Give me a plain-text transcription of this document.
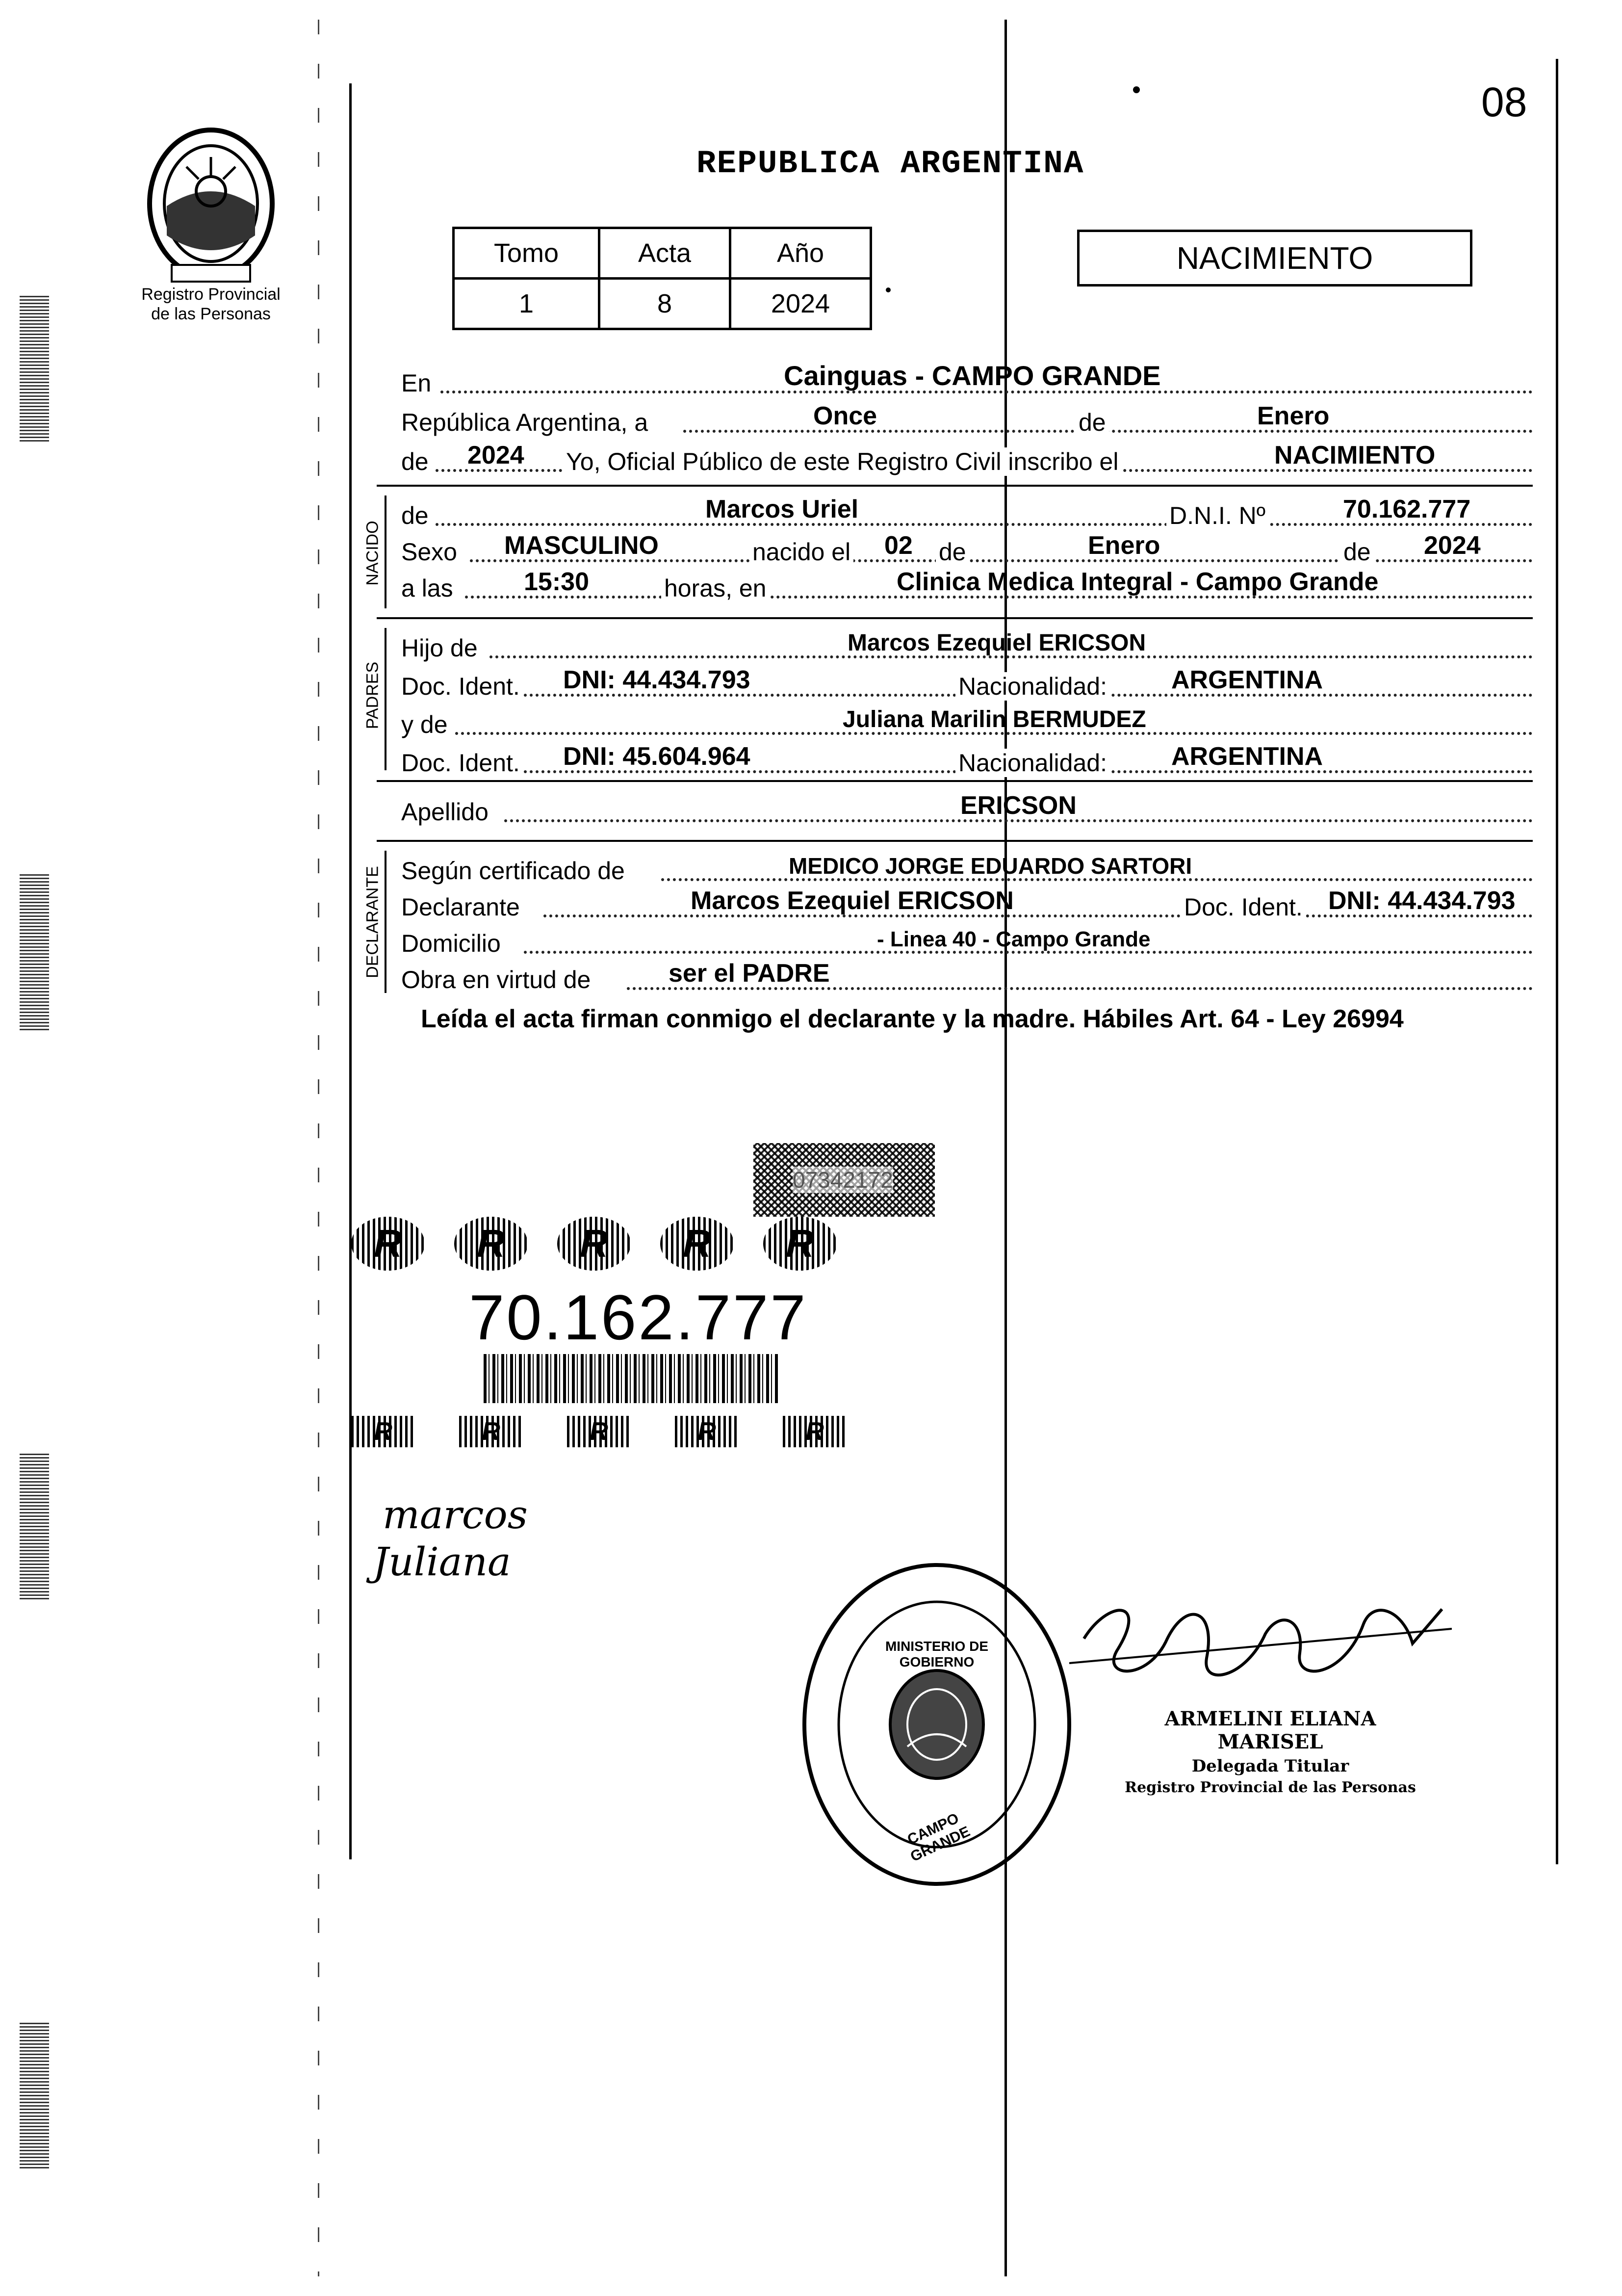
Registro Provincial
de las Personas
08
REPUBLICA ARGENTINA
Tomo	Acta	Año
1	8	2024
NACIMIENTO
En	Cainguas - CAMPO GRANDE
República Argentina, a	Once	de	Enero
de 2024 Yo, Oficial Público de este Registro Civil inscribo el	NACIMIENTO
NACIDO
de	Marcos Uriel	D.N.I. Nº	70.162.777
Sexo MASCULINO	nacido el 02 de	Enero	de 2024
a las	15:30	horas, en	Clinica Medica Integral - Campo Grande
PADRES
Hijo de	Marcos Ezequiel ERICSON
Doc. Ident. DNI: 44.434.793	Nacionalidad:	ARGENTINA
y de	Juliana Marilin BERMUDEZ
Doc. Ident. DNI: 45.604.964	Nacionalidad:	ARGENTINA
Apellido	ERICSON
DECLARANTE Según certificado de	MEDICO JORGE EDUARDO SARTORI
Declarante	Marcos Ezequiel ERICSON	Doc. Ident. DNI: 44.434.793
Domicilio	- Linea 40 - Campo Grande
Obra en virtud de	ser el PADRE
Leída el acta firman conmigo el declarante y la madre. Hábiles Art. 64 - Ley 26994
07342172
R	R	R	R	R
70.162.777
R	R	R	R	R
marcos
Juliana
MINISTERIO DE GOBIERNO
CAMPO GRANDE
ARMELINI ELIANA MARISEL
Delegada Titular
Registro Provincial de las Personas
